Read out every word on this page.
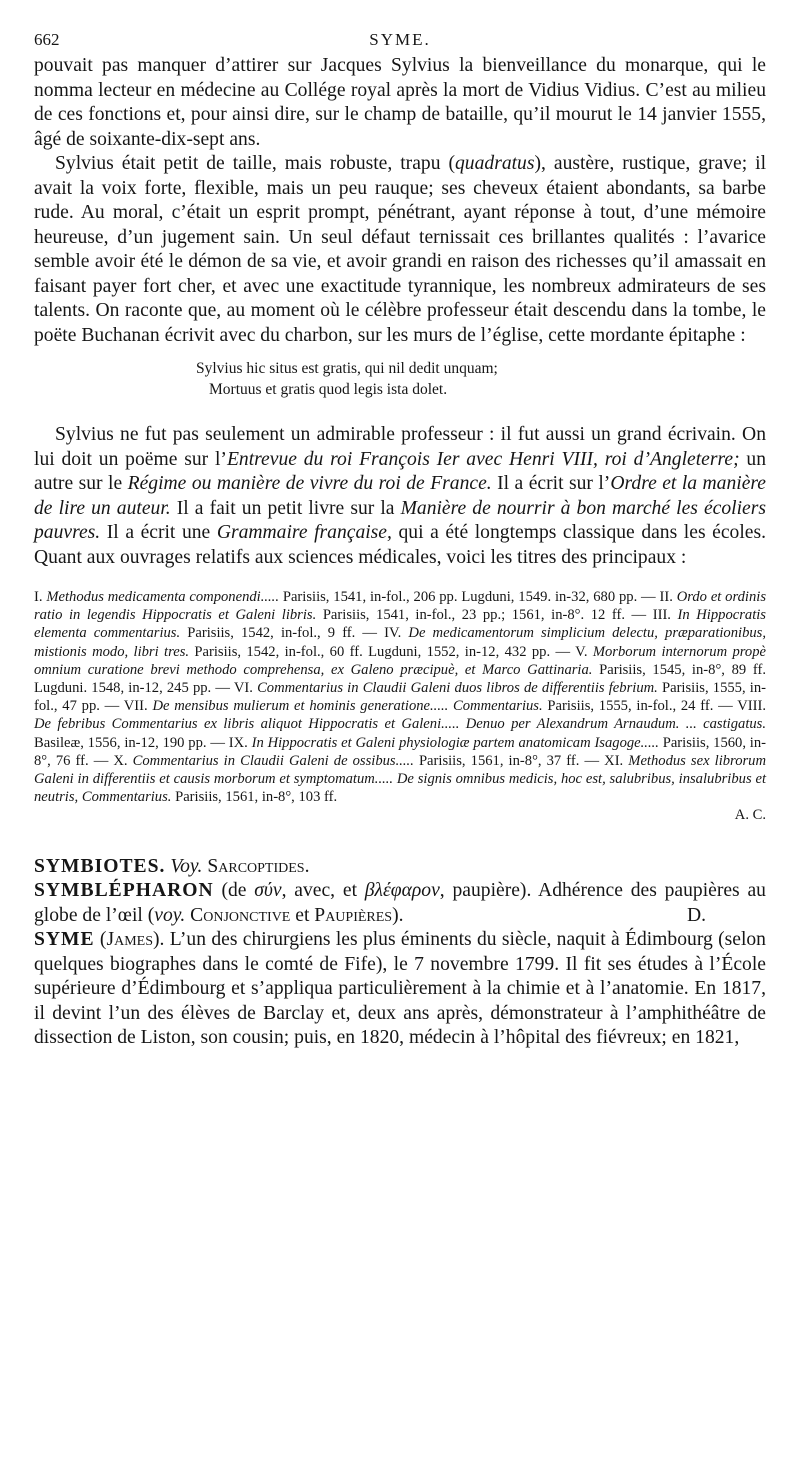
662	SYME.

pouvait pas manquer d’attirer sur Jacques Sylvius la bienveillance du monarque, qui le nomma lecteur en médecine au Collége royal après la mort de Vidius Vidius. C’est au milieu de ces fonctions et, pour ainsi dire, sur le champ de bataille, qu’il mourut le 14 janvier 1555, âgé de soixante-dix-sept ans.

Sylvius était petit de taille, mais robuste, trapu (quadratus), austère, rustique, grave; il avait la voix forte, flexible, mais un peu rauque; ses cheveux étaient abondants, sa barbe rude. Au moral, c’était un esprit prompt, pénétrant, ayant réponse à tout, d’une mémoire heureuse, d’un jugement sain. Un seul défaut ternissait ces brillantes qualités : l’avarice semble avoir été le démon de sa vie, et avoir grandi en raison des richesses qu’il amassait en faisant payer fort cher, et avec une exactitude tyrannique, les nombreux admirateurs de ses talents. On raconte que, au moment où le célèbre professeur était descendu dans la tombe, le poëte Buchanan écrivit avec du charbon, sur les murs de l’église, cette mordante épitaphe :

Sylvius hic situs est gratis, qui nil dedit unquam;
Mortuus et gratis quod legis ista dolet.

Sylvius ne fut pas seulement un admirable professeur : il fut aussi un grand écrivain. On lui doit un poëme sur l’Entrevue du roi François Ier avec Henri VIII, roi d’Angleterre; un autre sur le Régime ou manière de vivre du roi de France. Il a écrit sur l’Ordre et la manière de lire un auteur. Il a fait un petit livre sur la Manière de nourrir à bon marché les écoliers pauvres. Il a écrit une Grammaire française, qui a été longtemps classique dans les écoles. Quant aux ouvrages relatifs aux sciences médicales, voici les titres des principaux :

I. Methodus medicamenta componendi..... Parisiis, 1541, in-fol., 206 pp. Lugduni, 1549. in-32, 680 pp. — II. Ordo et ordinis ratio in legendis Hippocratis et Galeni libris. Parisiis, 1541, in-fol., 23 pp.; 1561, in-8°. 12 ff. — III. In Hippocratis elementa commentarius. Parisiis, 1542, in-fol., 9 ff. — IV. De medicamentorum simplicium delectu, præparationibus, mistionis modo, libri tres. Parisiis, 1542, in-fol., 60 ff. Lugduni, 1552, in-12, 432 pp. — V. Morborum internorum propè omnium curatione brevi methodo comprehensa, ex Galeno præcipuè, et Marco Gattinaria. Parisiis, 1545, in-8°, 89 ff. Lugduni. 1548, in-12, 245 pp. — VI. Commentarius in Claudii Galeni duos libros de differentiis febrium. Parisiis, 1555, in-fol., 47 pp. — VII. De mensibus mulierum et hominis generatione..... Commentarius. Parisiis, 1555, in-fol., 24 ff. — VIII. De febribus Commentarius ex libris aliquot Hippocratis et Galeni..... Denuo per Alexandrum Arnaudum. ... castigatus. Basileæ, 1556, in-12, 190 pp. — IX. In Hippocratis et Galeni physiologiæ partem anatomicam Isagoge..... Parisiis, 1560, in-8°, 76 ff. — X. Commentarius in Claudii Galeni de ossibus..... Parisiis, 1561, in-8°, 37 ff. — XI. Methodus sex librorum Galeni in differentiis et causis morborum et symptomatum..... De signis omnibus medicis, hoc est, salubribus, insalubribus et neutris, Commentarius. Parisiis, 1561, in-8°, 103 ff.

A. C.

SYMBIOTES. Voy. Sarcoptides.

SYMBLÉPHARON (de σύν, avec, et βλέφαρον, paupière). Adhérence des paupières au globe de l’œil (voy. Conjonctive et Paupières).	D.

SYME (James). L’un des chirurgiens les plus éminents du siècle, naquit à Édimbourg (selon quelques biographes dans le comté de Fife), le 7 novembre 1799. Il fit ses études à l’École supérieure d’Édimbourg et s’appliqua particulièrement à la chimie et à l’anatomie. En 1817, il devint l’un des élèves de Barclay et, deux ans après, démonstrateur à l’amphithéâtre de dissection de Liston, son cousin; puis, en 1820, médecin à l’hôpital des fiévreux; en 1821,
